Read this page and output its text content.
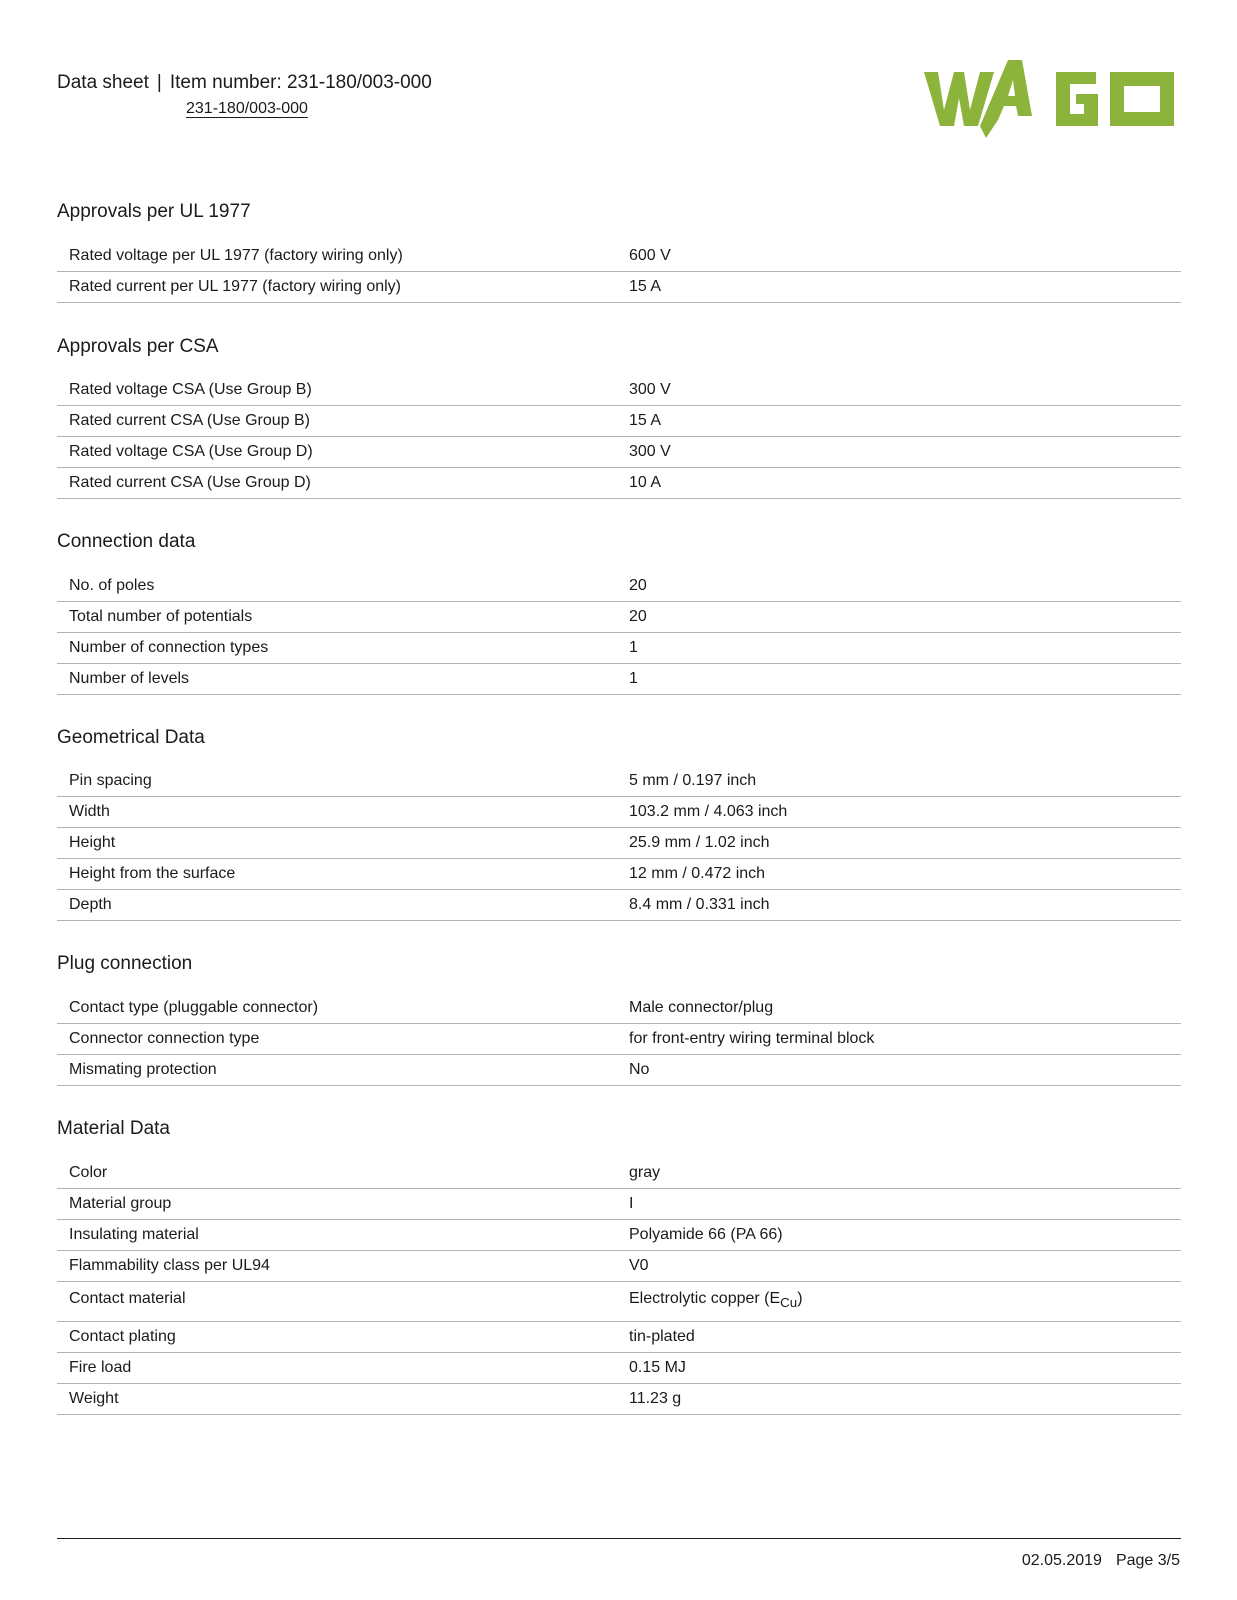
Data sheet | Item number: 231-180/003-000
231-180/003-000
Approvals per UL 1977
Rated voltage per UL 1977 (factory wiring only)	600 V
Rated current per UL 1977 (factory wiring only)	15 A
Approvals per CSA
Rated voltage CSA (Use Group B)	300 V
Rated current CSA (Use Group B)	15 A
Rated voltage CSA (Use Group D)	300 V
Rated current CSA (Use Group D)	10 A
Connection data
No. of poles	20
Total number of potentials	20
Number of connection types	1
Number of levels	1
Geometrical Data
Pin spacing	5 mm / 0.197 inch
Width	103.2 mm / 4.063 inch
Height	25.9 mm / 1.02 inch
Height from the surface	12 mm / 0.472 inch
Depth	8.4 mm / 0.331 inch
Plug connection
Contact type (pluggable connector)	Male connector/plug
Connector connection type	for front-entry wiring terminal block
Mismating protection	No
Material Data
Color	gray
Material group	I
Insulating material	Polyamide 66 (PA 66)
Flammability class per UL94	V0
Contact material	Electrolytic copper $(E_{Cu})$
Contact plating	tin-plated
Fire load	0.15 MJ
Weight	11.23 g
02.05.2019 Page 3/5
